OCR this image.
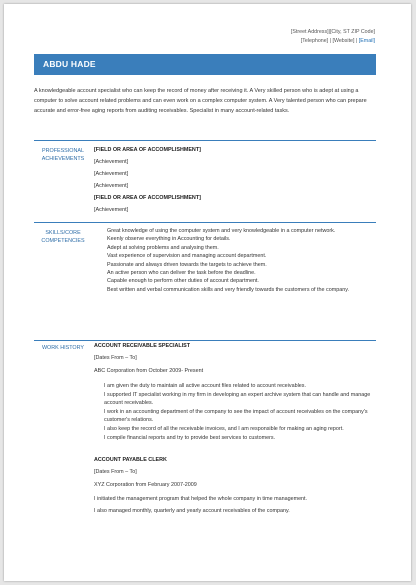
[Street Address]|[City, ST ZIP Code]
[Telephone] | [Website] | [Email]
ABDU HADE
A knowledgeable account specialist who can keep the record of money after receiving it. A Very skilled person who is adept at using a computer to solve account related problems and can even work on a complex computer system. A Very talented person who can prepare accurate and error-free aging reports from auditing receivables. Specialist in many account-related tasks.
PROFESSIONAL
ACHIEVEMENTS
[FIELD OR AREA OF ACCOMPLISHMENT]
[Achievement]
[Achievement]
[Achievement]
[FIELD OR AREA OF ACCOMPLISHMENT]
[Achievement]
SKILLS/CORE
COMPETENCIES
Great knowledge of using the computer system and very knowledgeable in a computer network.
Keenly observe everything in Accounting for details.
Adept at solving problems and analysing them.
Vast experience of supervision and managing account department.
Passionate and always driven towards the targets to achieve them.
An active person who can deliver the task before the deadline.
Capable enough to perform other duties of account department.
Best written and verbal communication skills and very friendly towards the customers of the company.
WORK HISTORY	ACCOUNT RECEIVABLE SPECIALIST
[Dates From – To]
ABC Corporation from October 2009- Present
I am given the duty to maintain all active account files related to account receivables.
I supported IT specialist working in my firm in developing an expert archive system that can handle and manage account receivables.
I work in an accounting department of the company to see the impact of account receivables on the company's customer's relations.
I also keep the record of all the receivable invoices, and I am responsible for making an aging report.
I compile financial reports and try to provide best services to customers.
ACCOUNT PAYABLE CLERK
[Dates From – To]
XYZ Corporation from February 2007-2009
I initiated the management program that helped the whole company in time management.
I also managed monthly, quarterly and yearly account receivables of the company.
